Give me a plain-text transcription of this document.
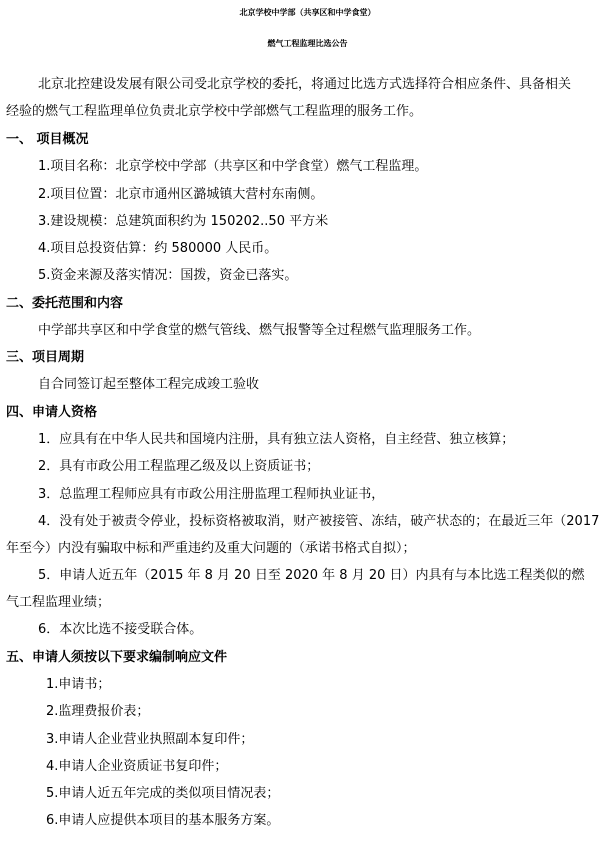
北京学校中学部（共享区和中学食堂）
燃气工程监理比选公告
北京北控建设发展有限公司受北京学校的委托，将通过比选方式选择符合相应条件、具备相关
经验的燃气工程监理单位负责北京学校中学部燃气工程监理的服务工作。
一、 项目概况
1.项目名称：北京学校中学部（共享区和中学食堂）燃气工程监理。
2.项目位置：北京市通州区潞城镇大营村东南侧。
3.建设规模：总建筑面积约为 150202..50 平方米
4.项目总投资估算：约 580000 人民币。
5.资金来源及落实情况：国拨，资金已落实。
二、委托范围和内容
中学部共享区和中学食堂的燃气管线、燃气报警等全过程燃气监理服务工作。
三、项目周期
自合同签订起至整体工程完成竣工验收
四、申请人资格
1．应具有在中华人民共和国境内注册，具有独立法人资格，自主经营、独立核算；
2．具有市政公用工程监理乙级及以上资质证书；
3．总监理工程师应具有市政公用注册监理工程师执业证书，
4．没有处于被责令停业，投标资格被取消，财产被接管、冻结，破产状态的；在最近三年（2017
年至今）内没有骗取中标和严重违约及重大问题的（承诺书格式自拟）；
5．申请人近五年（2015 年 8 月 20 日至 2020 年 8 月 20 日）内具有与本比选工程类似的燃
气工程监理业绩；
6．本次比选不接受联合体。
五、申请人须按以下要求编制响应文件
1.申请书；
2.监理费报价表；
3.申请人企业营业执照副本复印件；
4.申请人企业资质证书复印件；
5.申请人近五年完成的类似项目情况表；
6.申请人应提供本项目的基本服务方案。
